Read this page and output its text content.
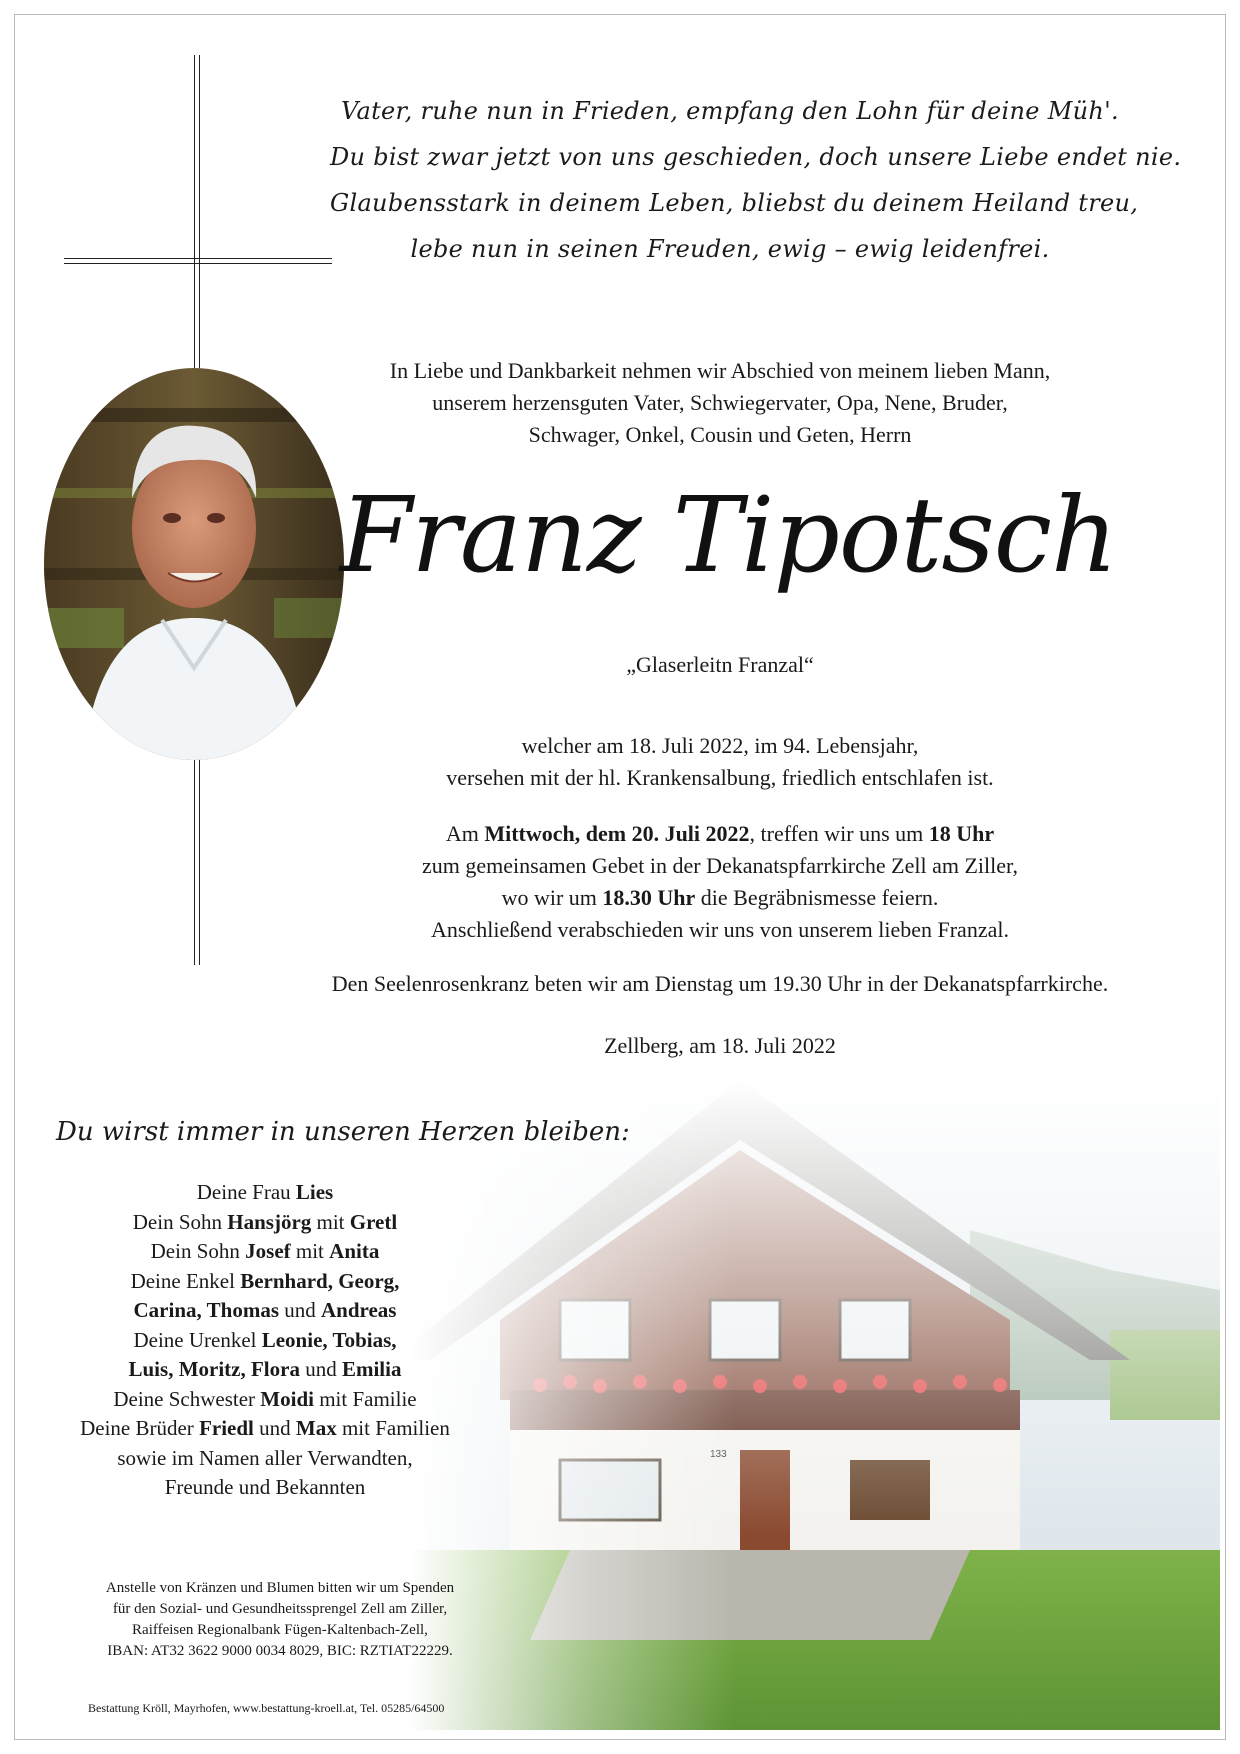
Vater, ruhe nun in Frieden, empfang den Lohn für deine Müh'.
Du bist zwar jetzt von uns geschieden, doch unsere Liebe endet nie.
Glaubensstark in deinem Leben, bliebst du deinem Heiland treu,
lebe nun in seinen Freuden, ewig – ewig leidenfrei.
In Liebe und Dankbarkeit nehmen wir Abschied von meinem lieben Mann,
unserem herzensguten Vater, Schwiegervater, Opa, Nene, Bruder,
Schwager, Onkel, Cousin und Geten, Herrn
Franz Tipotsch
„Glaserleitn Franzal“
welcher am 18. Juli 2022, im 94. Lebensjahr,
versehen mit der hl. Krankensalbung, friedlich entschlafen ist.
Am Mittwoch, dem 20. Juli 2022, treffen wir uns um 18 Uhr
zum gemeinsamen Gebet in der Dekanatspfarrkirche Zell am Ziller,
wo wir um 18.30 Uhr die Begräbnismesse feiern.
Anschließend verabschieden wir uns von unserem lieben Franzal.
Den Seelenrosenkranz beten wir am Dienstag um 19.30 Uhr in der Dekanatspfarrkirche.
Zellberg, am 18. Juli 2022
Du wirst immer in unseren Herzen bleiben:
Deine Frau Lies
Dein Sohn Hansjörg mit Gretl
Dein Sohn Josef mit Anita
Deine Enkel Bernhard, Georg,
Carina, Thomas und Andreas
Deine Urenkel Leonie, Tobias,
Luis, Moritz, Flora und Emilia
Deine Schwester Moidi mit Familie
Deine Brüder Friedl und Max mit Familien
sowie im Namen aller Verwandten,
Freunde und Bekannten
Anstelle von Kränzen und Blumen bitten wir um Spenden
für den Sozial- und Gesundheitssprengel Zell am Ziller,
Raiffeisen Regionalbank Fügen-Kaltenbach-Zell,
IBAN: AT32 3622 9000 0034 8029, BIC: RZTIAT22229.
Bestattung Kröll, Mayrhofen, www.bestattung-kroell.at, Tel. 05285/64500
